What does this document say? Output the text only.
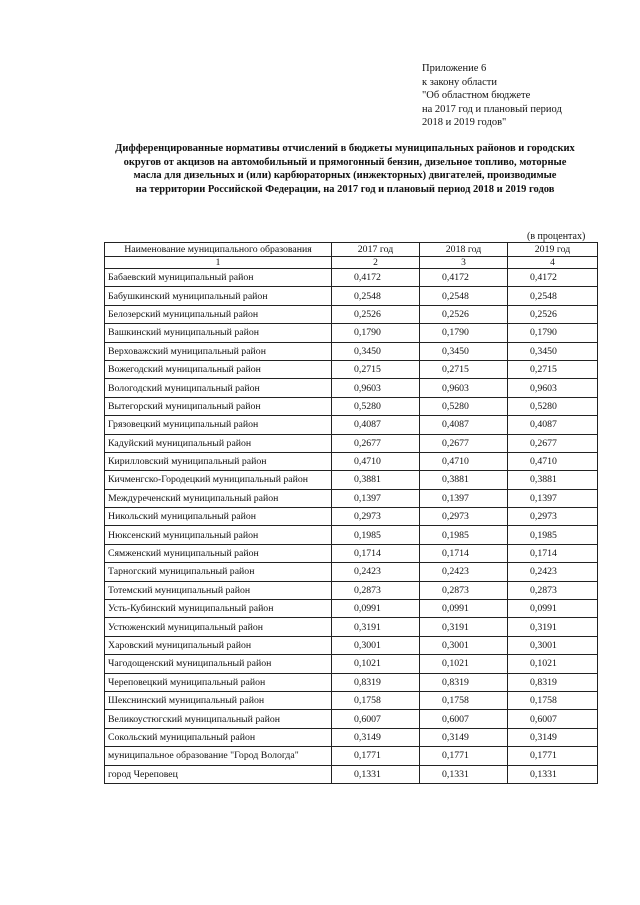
Приложение 6
к закону области
"Об областном бюджете
на 2017 год и плановый период
2018 и 2019 годов"
Дифференцированные нормативы отчислений в бюджеты муниципальных районов и городских
округов от акцизов на автомобильный и прямогонный бензин, дизельное топливо, моторные
масла для дизельных и (или) карбюраторных (инжекторных) двигателей, производимые
на территории Российской Федерации, на 2017 год и плановый период 2018 и 2019 годов
(в процентах)
Наименование муниципального образования	2017 год	2018 год	2019 год
1	2	3	4
Бабаевский муниципальный район	0,4172	0,4172	0,4172
Бабушкинский муниципальный район	0,2548	0,2548	0,2548
Белозерский муниципальный район	0,2526	0,2526	0,2526
Вашкинский муниципальный район	0,1790	0,1790	0,1790
Верховажский муниципальный район	0,3450	0,3450	0,3450
Вожегодский муниципальный район	0,2715	0,2715	0,2715
Вологодский муниципальный район	0,9603	0,9603	0,9603
Вытегорский муниципальный район	0,5280	0,5280	0,5280
Грязовецкий муниципальный район	0,4087	0,4087	0,4087
Кадуйский муниципальный район	0,2677	0,2677	0,2677
Кирилловский муниципальный район	0,4710	0,4710	0,4710
Кичменгско-Городецкий муниципальный район	0,3881	0,3881	0,3881
Междуреченский муниципальный район	0,1397	0,1397	0,1397
Никольский муниципальный район	0,2973	0,2973	0,2973
Нюксенский муниципальный район	0,1985	0,1985	0,1985
Сямженский муниципальный район	0,1714	0,1714	0,1714
Тарногский муниципальный район	0,2423	0,2423	0,2423
Тотемский муниципальный район	0,2873	0,2873	0,2873
Усть-Кубинский муниципальный район	0,0991	0,0991	0,0991
Устюженский муниципальный район	0,3191	0,3191	0,3191
Харовский муниципальный район	0,3001	0,3001	0,3001
Чагодощенский муниципальный район	0,1021	0,1021	0,1021
Череповецкий муниципальный район	0,8319	0,8319	0,8319
Шекснинский муниципальный район	0,1758	0,1758	0,1758
Великоустюгский муниципальный район	0,6007	0,6007	0,6007
Сокольский муниципальный район	0,3149	0,3149	0,3149
муниципальное образование "Город Вологда"	0,1771	0,1771	0,1771
город Череповец	0,1331	0,1331	0,1331
